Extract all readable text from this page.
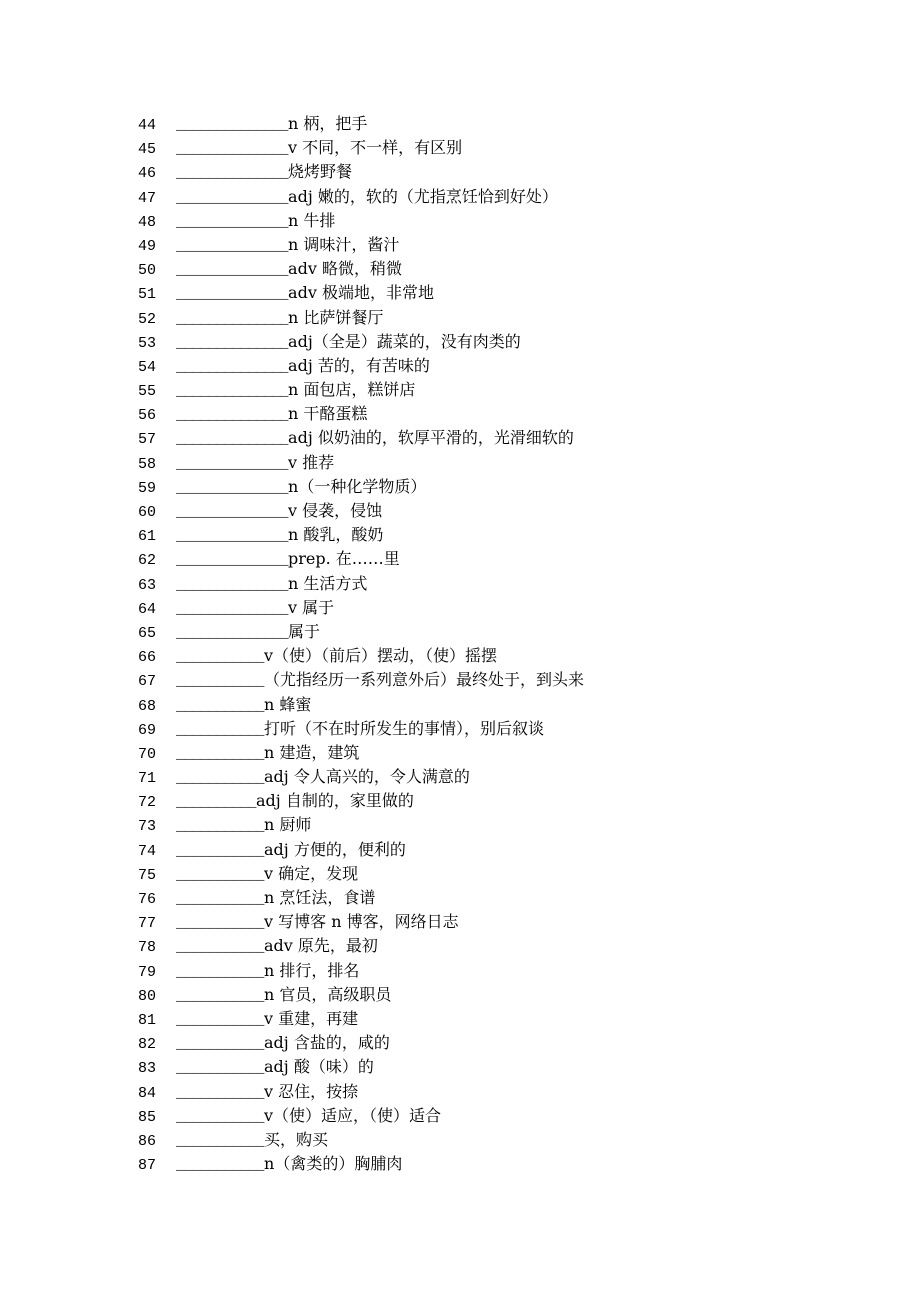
44	______________ n 柄，把手
45	______________ v 不同，不一样，有区别
46	______________ 烧烤野餐
47	______________ adj 嫩的，软的（尤指烹饪恰到好处）
48	______________ n 牛排
49	______________ n 调味汁，酱汁
50	______________ adv 略微，稍微
51	______________ adv 极端地，非常地
52	______________ n 比萨饼餐厅
53	______________ adj（全是）蔬菜的，没有肉类的
54	______________ adj 苦的，有苦味的
55	______________ n 面包店，糕饼店
56	______________ n 干酪蛋糕
57	______________ adj 似奶油的，软厚平滑的，光滑细软的
58	______________ v 推荐
59	______________ n（一种化学物质）
60	______________ v 侵袭，侵蚀
61	______________ n 酸乳，酸奶
62	______________ prep. 在……里
63	______________ n 生活方式
64	______________ v 属于
65	______________ 属于
66	___________ v（使）（前后）摆动，（使）摇摆
67	___________ （尤指经历一系列意外后）最终处于，到头来
68	___________ n 蜂蜜
69	___________ 打听（不在时所发生的事情），别后叙谈
70	___________ n 建造，建筑
71	___________ adj 令人高兴的，令人满意的
72	__________ adj 自制的，家里做的
73	___________ n 厨师
74	___________ adj 方便的，便利的
75	___________ v 确定，发现
76	___________ n 烹饪法，食谱
77	___________ v 写博客 n 博客，网络日志
78	___________ adv 原先，最初
79	___________ n 排行，排名
80	___________ n 官员，高级职员
81	___________ v 重建，再建
82	___________ adj 含盐的，咸的
83	___________ adj 酸（味）的
84	___________ v 忍住，按捺
85	___________ v（使）适应，（使）适合
86	___________ 买，购买
87	___________ n（禽类的）胸脯肉
